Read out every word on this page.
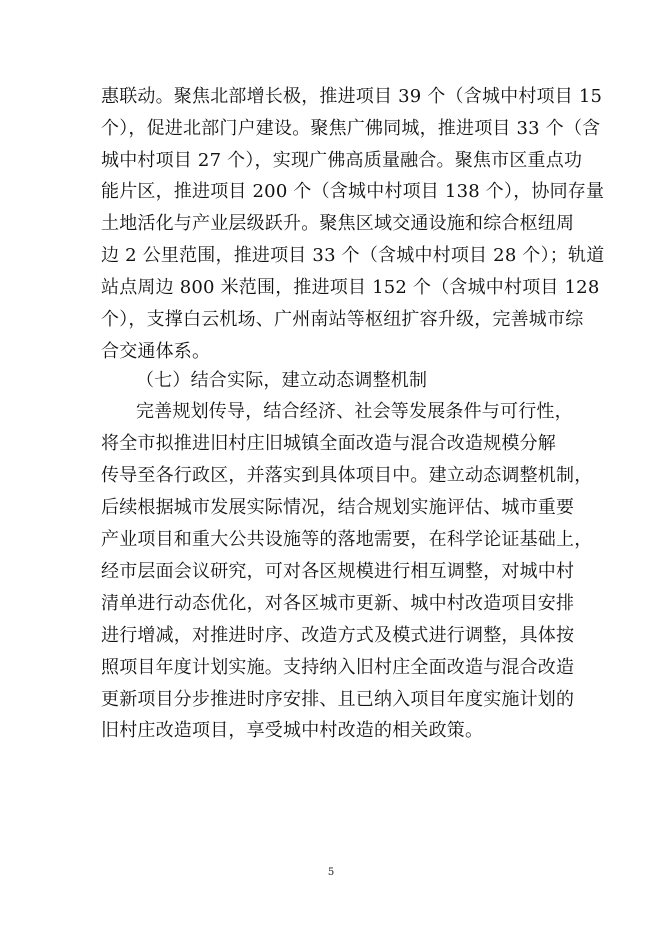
惠联动。聚焦北部增长极，推进项目 39 个（含城中村项目 15
个），促进北部门户建设。聚焦广佛同城，推进项目 33 个（含
城中村项目 27 个），实现广佛高质量融合。聚焦市区重点功
能片区，推进项目 200 个（含城中村项目 138 个），协同存量
土地活化与产业层级跃升。聚焦区域交通设施和综合枢纽周
边 2 公里范围，推进项目 33 个（含城中村项目 28 个）；轨道
站点周边 800 米范围，推进项目 152 个（含城中村项目 128
个），支撑白云机场、广州南站等枢纽扩容升级，完善城市综
合交通体系。
（七）结合实际，建立动态调整机制
完善规划传导，结合经济、社会等发展条件与可行性，
将全市拟推进旧村庄旧城镇全面改造与混合改造规模分解
传导至各行政区，并落实到具体项目中。建立动态调整机制，
后续根据城市发展实际情况，结合规划实施评估、城市重要
产业项目和重大公共设施等的落地需要，在科学论证基础上，
经市层面会议研究，可对各区规模进行相互调整，对城中村
清单进行动态优化，对各区城市更新、城中村改造项目安排
进行增减，对推进时序、改造方式及模式进行调整，具体按
照项目年度计划实施。支持纳入旧村庄全面改造与混合改造
更新项目分步推进时序安排、且已纳入项目年度实施计划的
旧村庄改造项目，享受城中村改造的相关政策。
5
